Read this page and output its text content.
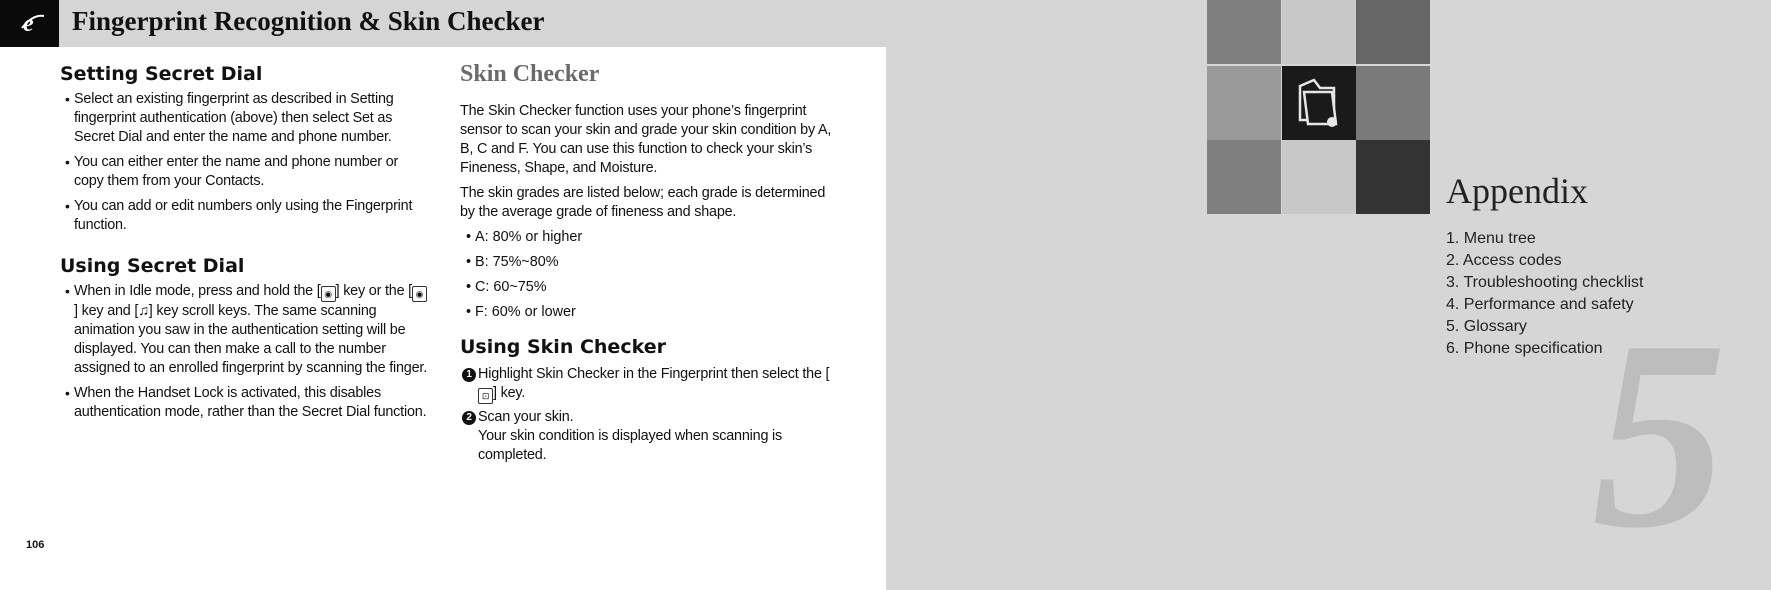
e Fingerprint Recognition & Skin Checker
Setting Secret Dial
• Select an existing fingerprint as described in Setting fingerprint authentication (above) then select Set as Secret Dial and enter the name and phone number.
• You can either enter the name and phone number or copy them from your Contacts.
• You can add or edit numbers only using the Fingerprint function.
Using Secret Dial
• When in Idle mode, press and hold the [ ◉ ] key or the [ ◉] key and [♫] key scroll keys. The same scanning animation you saw in the authentication setting will be displayed. You can then make a call to the number assigned to an enrolled fingerprint by scanning the finger.
• When the Handset Lock is activated, this disables authentication mode, rather than the Secret Dial function.
Skin Checker
The Skin Checker function uses your phone’s fingerprint sensor to scan your skin and grade your skin condition by A, B, C and F. You can use this function to check your skin’s Fineness, Shape, and Moisture.
The skin grades are listed below; each grade is determined by the average grade of fineness and shape.
• A: 80% or higher
• B: 75%~80%
• C: 60~75%
• F: 60% or lower
Using Skin Checker
1 Highlight Skin Checker in the Fingerprint then select the [⊡ ] key.
2 Scan your skin.
Your skin condition is displayed when scanning is completed.
106	5
Appendix
1. Menu tree
2. Access codes
3. Troubleshooting checklist
4. Performance and safety
5. Glossary
6. Phone specification
